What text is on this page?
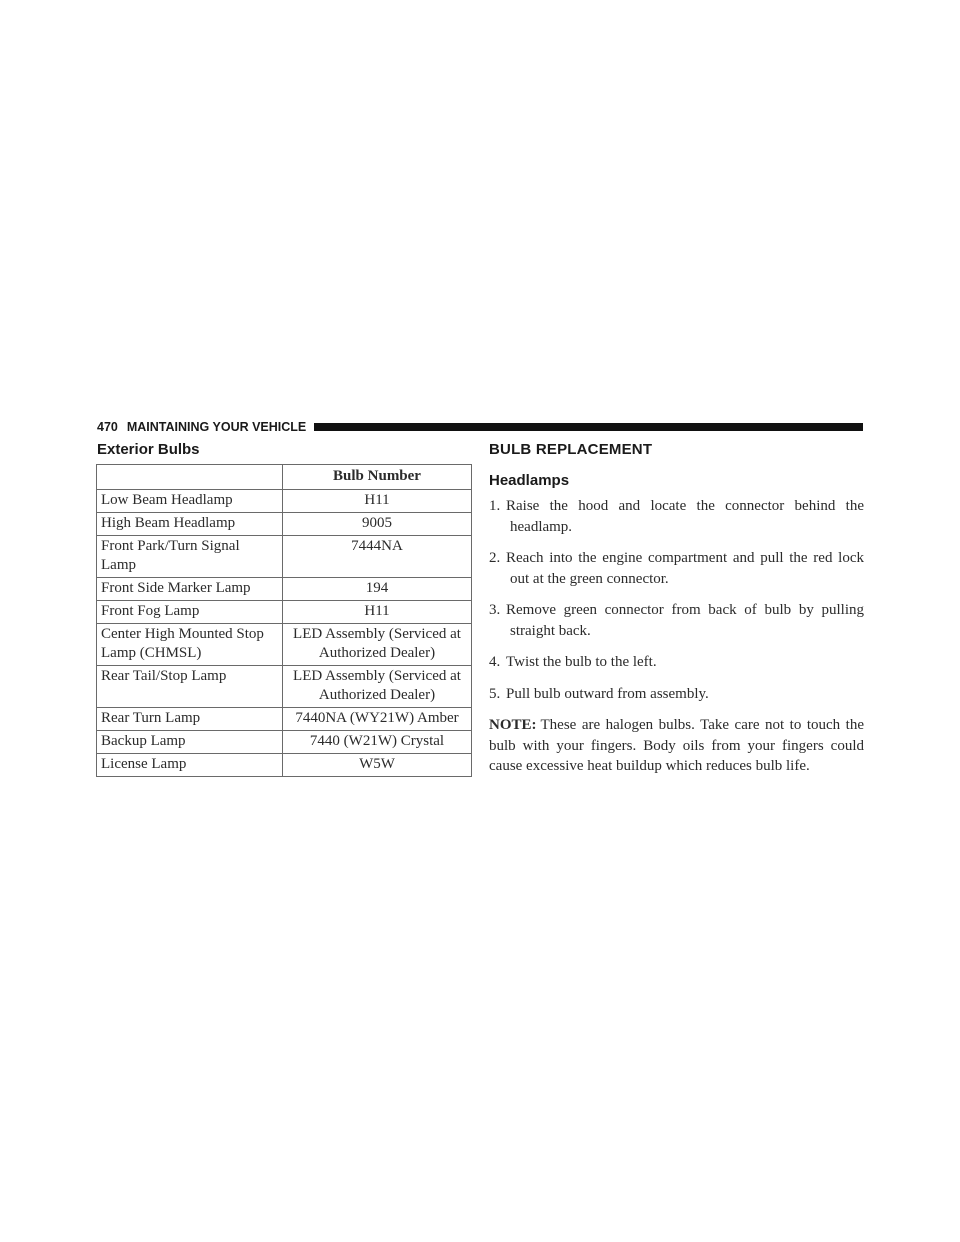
470 MAINTAINING YOUR VEHICLE
Exterior Bulbs
	Bulb Number
Low Beam Headlamp	H11
High Beam Headlamp	9005
Front Park/Turn Signal Lamp	7444NA
Front Side Marker Lamp	194
Front Fog Lamp	H11
Center High Mounted Stop Lamp (CHMSL)	LED Assembly (Serviced at Authorized Dealer)
Rear Tail/Stop Lamp	LED Assembly (Serviced at Authorized Dealer)
Rear Turn Lamp	7440NA (WY21W) Amber
Backup Lamp	7440 (W21W) Crystal
License Lamp	W5W
BULB REPLACEMENT
Headlamps
1. Raise the hood and locate the connector behind the headlamp.
2. Reach into the engine compartment and pull the red lock out at the green connector.
3. Remove green connector from back of bulb by pulling straight back.
4. Twist the bulb to the left.
5. Pull bulb outward from assembly.
NOTE: These are halogen bulbs. Take care not to touch the bulb with your fingers. Body oils from your fingers could cause excessive heat buildup which reduces bulb life.
